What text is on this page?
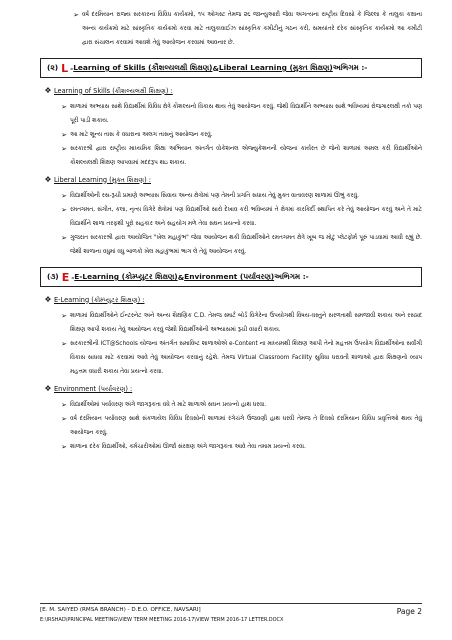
➢ વર્ષ દરમિયાન રાજ્ય સરકારના વિવિધ કાર્યક્રમો, ૧૫ ઓગસ્ટ તેમજ ૨૬ જાન્યુઆરી જેવા અગત્યના રાષ્ટ્રીય દિવસો કે જિલ્લા કે તાલુકા કક્ષાના અન્ય કાર્યક્રમો માટે સાંસ્કૃતિક કાર્યક્રમો કરવા માટે તાલુકાવાઈઝ સાંસ્કૃતિક કમીટીનું ગઠન કરી, સમયાંતરે દરેક સાંસ્કૃતિક કાર્યક્રમો આ કમીટી દ્વારા સંચાલન કરવામાં આવશે તેવું આયોજન કરવામાં આવનાર છે.
(૨) L - Learning of Skills (કૌશલ્યલક્ષી શિક્ષણ) & Liberal Learning (મુક્ત શિક્ષણ) અભિગમ :-
❖ Learning of Skills (કૌશલ્યલક્ષી શિક્ષણ) :
➢ શાળામાં અભ્યાસ સાથે વિદ્યાર્થીમાં વિવિધ ક્ષેત્રે કૌશલ્યનો વિકાસ થાય તેવું આયોજન કરવું. જેથી વિદ્યાર્થીને અભ્યાસ સાથે ભવિષ્યમાં રોજગારલક્ષી તકો પણ પૂરી પાડી શકાય.
➢ આ માટે શૂન્ય તાસ કે વધારાના અલગ તાસનું આયોજન કરવું.
➢ સરકારશ્રી દ્વારા રાષ્ટ્રીય માધ્યમિક શિક્ષા અભિયાન અંતર્ગત વોકેશનલ એજ્યુકેશનની યોજના કાર્યરત છે જેનો શાળામાં અમલ કરી વિદ્યાર્થીઓને કૌશલ્યલક્ષી શિક્ષણ આપવામાં મદદરૂપ થઇ શકાય.
❖ Liberal Learning (મુક્ત શિક્ષણ) :
➢ વિદ્યાર્થીઓની રસ-રૂચી પ્રમાણે અભ્યાસ સિવાય અન્ય ક્ષેત્રોમાં પણ તેમની પ્રગતિ સધાય તેવું મુક્ત વાતાવરણ શાળામાં ઊભું કરવું.
➢ રમતગમત, સંગીત, કલા, નૃત્ય વિગેરે ક્ષેત્રોમાં પણ વિદ્યાર્થીઓ સારો દેખાવ કરી ભવિષ્યમાં તે ક્ષેત્રમાં કારકિર્દી સ્થાપિત કરે તેવું આયોજન કરવું અને તે માટે વિદ્યાર્થીને શાળા તરફથી પૂરો સહકાર અને સહયોગ મળે તેવા સઘન પ્રયત્નો કરવા.
➢ ગુજરાત સરકારશ્રી દ્વારા આયોજિત "ખેલ મહાકુંભ" જેવા આયોજન થકી વિદ્યાર્થીઓને રમતગમત ક્ષેત્રે ખૂબ જ મોટું પ્લેટફોર્મ પૂરું પાડવામાં આવી રહ્યું છે. જેથી શાળાના વધુમાં વધુ બાળકો ખેલ મહાકુંભમાં ભાગ લે તેવું આયોજન કરવું.
(૩) E - E-Learning (કોમ્પ્યુટર શિક્ષણ) & Environment (પર્યાવરણ) અભિગમ :-
❖ E-Learning (કોમ્પ્યુટર શિક્ષણ) :
➢ શાળામાં વિદ્યાર્થીઓને ઈન્ટરનેટ અને અન્ય શૈક્ષણિક C.D. તેમજ સ્માર્ટ બોર્ડ વિગેરેના ઉપયોગથી વિષય-વસ્તુને સરળતાથી સમજાવી શકાય અને રસપ્રદ શિક્ષણ આપી શકાય તેવું આયોજન કરવું જેથી વિદ્યાર્થીઓની અભ્યાસમાં રૂચી વધારી શકાય.
➢ સરકારશ્રીની ICT@Schools યોજના અંતર્ગત સમાવિષ્ટ શાળાઓએ e-Content ના માધ્યમથી શિક્ષણ આપી તેનો મહત્તમ ઉપયોગ વિદ્યાર્થીઓના સર્વાંગી વિકાસ સાધવા માટે કરવામાં આવે તેવું આયોજન કરવાનું રહેશે. તેમજ Virtual Classroom Facility સુવિધા ધરાવતી શાળાઓ દ્વારા શિક્ષણનો વ્યાપ મહત્તમ વધારી શકાય તેવા પ્રયત્નો કરવા.
❖ Environment (પર્યાવરણ) :
➢ વિદ્યાર્થીઓમાં પર્યાવરણ અંગે જાગરૂકતા વધે તે માટે શાળાએ સઘન પ્રયત્નો હાથ ધરવા.
➢ વર્ષ દરમિયાન પર્યાવરણ સાથે સંકળાયેલ વિવિધ દિવસોની શાળામાં રંગેચંગે ઉજવણી હાથ ધરવી તેમજ તે દિવસો દરમિયાન વિવિધ પ્રવૃત્તિઓ થાય તેવું આયોજન કરવું.
➢ શાળાના દરેક વિદ્યાર્થીઓ, કર્મચારીઓમાં ઊર્જા સંરક્ષણ અંગે જાગરૂકતા આવે તેવા તમામ પ્રયત્નો કરવા.
[E. M. SAIYED (RMSA BRANCH) - D.E.O. OFFICE, NAVSARI]	Page 2
E:\IRSHAD\PRINCIPAL MEETING\VIEW TERM MEETING 2016-17\VIEW TERM 2016-17 LETTER.DOCX
